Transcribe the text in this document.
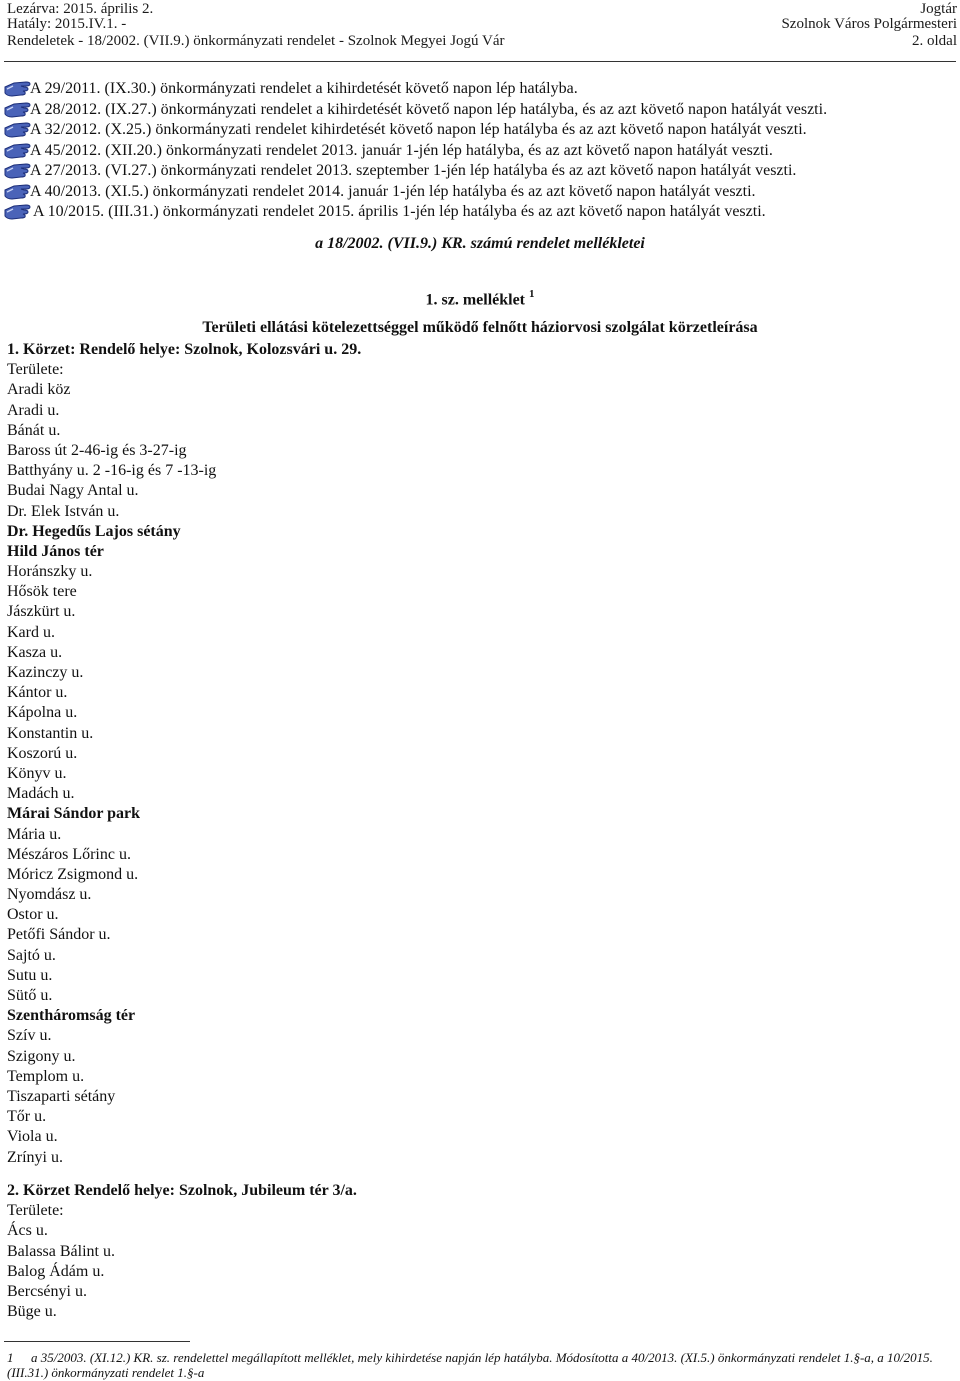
Lezárva: 2015. április 2.
Hatály: 2015.IV.1. -
Rendeletek - 18/2002. (VII.9.) önkormányzati rendelet - Szolnok Megyei Jogú Vár
Jogtár
Szolnok Város Polgármesteri
2. oldal
A 29/2011. (IX.30.) önkormányzati rendelet a kihirdetését követő napon lép hatályba.
A 28/2012. (IX.27.) önkormányzati rendelet a kihirdetését követő napon lép hatályba, és az azt követő napon hatályát veszti.
A 32/2012. (X.25.) önkormányzati rendelet kihirdetését követő napon lép hatályba és az azt követő napon hatályát veszti.
A 45/2012. (XII.20.) önkormányzati rendelet 2013. január 1-jén lép hatályba, és az azt követő napon hatályát veszti.
A 27/2013. (VI.27.) önkormányzati rendelet 2013. szeptember 1-jén lép hatályba és az azt követő napon hatályát veszti.
A 40/2013. (XI.5.) önkormányzati rendelet 2014. január 1-jén lép hatályba és az azt követő napon hatályát veszti.
A 10/2015. (III.31.) önkormányzati rendelet 2015. április 1-jén lép hatályba és az azt követő napon hatályát veszti.
a 18/2002. (VII.9.) KR. számú rendelet mellékletei
1. sz. melléklet $^1$
Területi ellátási kötelezettséggel működő felnőtt háziorvosi szolgálat körzetleírása
1. Körzet: Rendelő helye: Szolnok, Kolozsvári u. 29.
Területe:
Aradi köz
Aradi u.
Bánát u.
Baross út 2-46-ig és 3-27-ig
Batthyány u. 2 -16-ig és 7 -13-ig
Budai Nagy Antal u.
Dr. Elek István u.
Dr. Hegedűs Lajos sétány
Hild János tér
Horánszky u.
Hősök tere
Jászkürt u.
Kard u.
Kasza u.
Kazinczy u.
Kántor u.
Kápolna u.
Konstantin u.
Koszorú u.
Könyv u.
Madách u.
Márai Sándor park
Mária u.
Mészáros Lőrinc u.
Móricz Zsigmond u.
Nyomdász u.
Ostor u.
Petőfi Sándor u.
Sajtó u.
Sutu u.
Sütő u.
Szentháromság tér
Szív u.
Szigony u.
Templom u.
Tiszaparti sétány
Tőr u.
Viola u.
Zrínyi u.
2. Körzet Rendelő helye: Szolnok, Jubileum tér 3/a.
Területe:
Ács u.
Balassa Bálint u.
Balog Ádám u.
Bercsényi u.
Büge u.
1 a 35/2003. (XI.12.) KR. sz. rendelettel megállapított melléklet, mely kihirdetése napján lép hatályba. Módosította a 40/2013. (XI.5.) önkormányzati rendelet 1.§-a, a 10/2015. (III.31.) önkormányzati rendelet 1.§-a
